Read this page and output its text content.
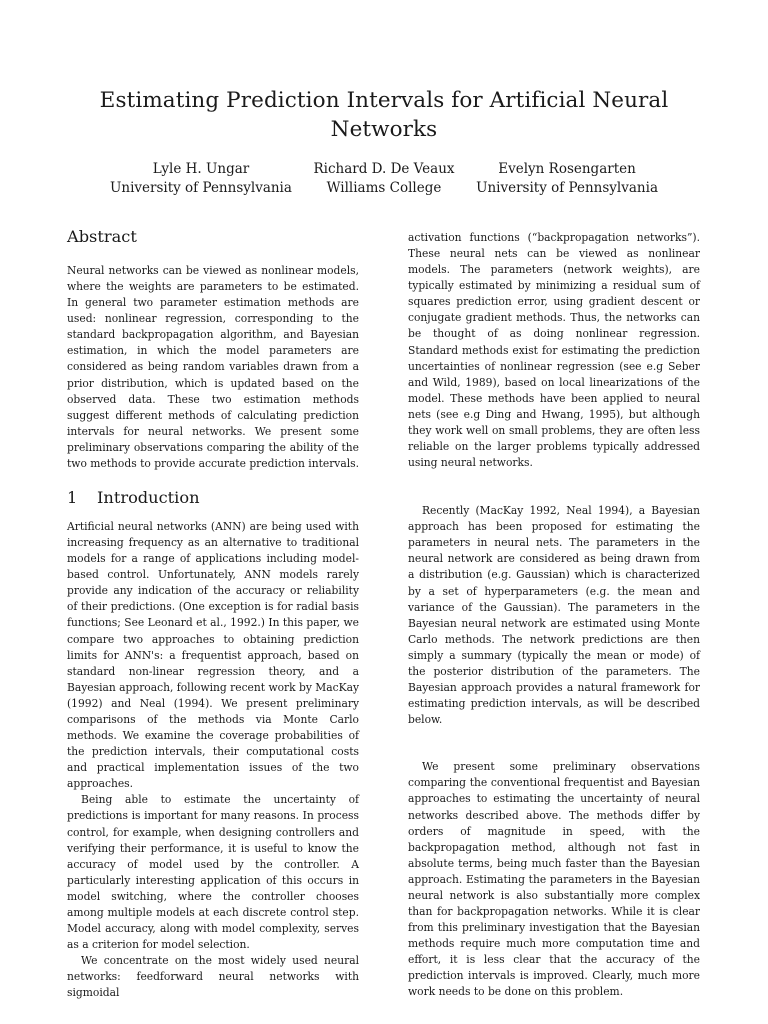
Estimating Prediction Intervals for Artificial Neural Networks
Lyle H. Ungar
University of Pennsylvania
Richard D. De Veaux
Williams College
Evelyn Rosengarten
University of Pennsylvania
Abstract

Neural networks can be viewed as nonlinear models, where the weights are parameters to be estimated. In general two parameter estimation methods are used: nonlinear regression, corresponding to the standard backpropagation algorithm, and Bayesian estimation, in which the model parameters are considered as being random variables drawn from a prior distribution, which is updated based on the observed data. These two estimation methods suggest different methods of calculating prediction intervals for neural networks. We present some preliminary observations comparing the ability of the two methods to provide accurate prediction intervals.

1 Introduction

Artificial neural networks (ANN) are being used with increasing frequency as an alternative to traditional models for a range of applications including model-based control. Unfortunately, ANN models rarely provide any indication of the accuracy or reliability of their predictions. (One exception is for radial basis functions; See Leonard et al., 1992.) In this paper, we compare two approaches to obtaining prediction limits for ANN's: a frequentist approach, based on standard non-linear regression theory, and a Bayesian approach, following recent work by MacKay (1992) and Neal (1994). We present preliminary comparisons of the methods via Monte Carlo methods. We examine the coverage probabilities of the prediction intervals, their computational costs and practical implementation issues of the two approaches.

Being able to estimate the uncertainty of predictions is important for many reasons. In process control, for example, when designing controllers and verifying their performance, it is useful to know the accuracy of model used by the controller. A particularly interesting application of this occurs in model switching, where the controller chooses among multiple models at each discrete control step. Model accuracy, along with model complexity, serves as a criterion for model selection.

We concentrate on the most widely used neural networks: feedforward neural networks with sigmoidal

activation functions (“backpropagation networks”). These neural nets can be viewed as nonlinear models. The parameters (network weights), are typically estimated by minimizing a residual sum of squares prediction error, using gradient descent or conjugate gradient methods. Thus, the networks can be thought of as doing nonlinear regression. Standard methods exist for estimating the prediction uncertainties of nonlinear regression (see e.g Seber and Wild, 1989), based on local linearizations of the model. These methods have been applied to neural nets (see e.g Ding and Hwang, 1995), but although they work well on small problems, they are often less reliable on the larger problems typically addressed using neural networks.

Recently (MacKay 1992, Neal 1994), a Bayesian approach has been proposed for estimating the parameters in neural nets. The parameters in the neural network are considered as being drawn from a distribution (e.g. Gaussian) which is characterized by a set of hyperparameters (e.g. the mean and variance of the Gaussian). The parameters in the Bayesian neural network are estimated using Monte Carlo methods. The network predictions are then simply a summary (typically the mean or mode) of the posterior distribution of the parameters. The Bayesian approach provides a natural framework for estimating prediction intervals, as will be described below.

We present some preliminary observations comparing the conventional frequentist and Bayesian approaches to estimating the uncertainty of neural networks described above. The methods differ by orders of magnitude in speed, with the backpropagation method, although not fast in absolute terms, being much faster than the Bayesian approach. Estimating the parameters in the Bayesian neural network is also substantially more complex than for backpropagation networks. While it is clear from this preliminary investigation that the Bayesian methods require much more computation time and effort, it is less clear that the accuracy of the prediction intervals is improved. Clearly, much more work needs to be done on this problem.
